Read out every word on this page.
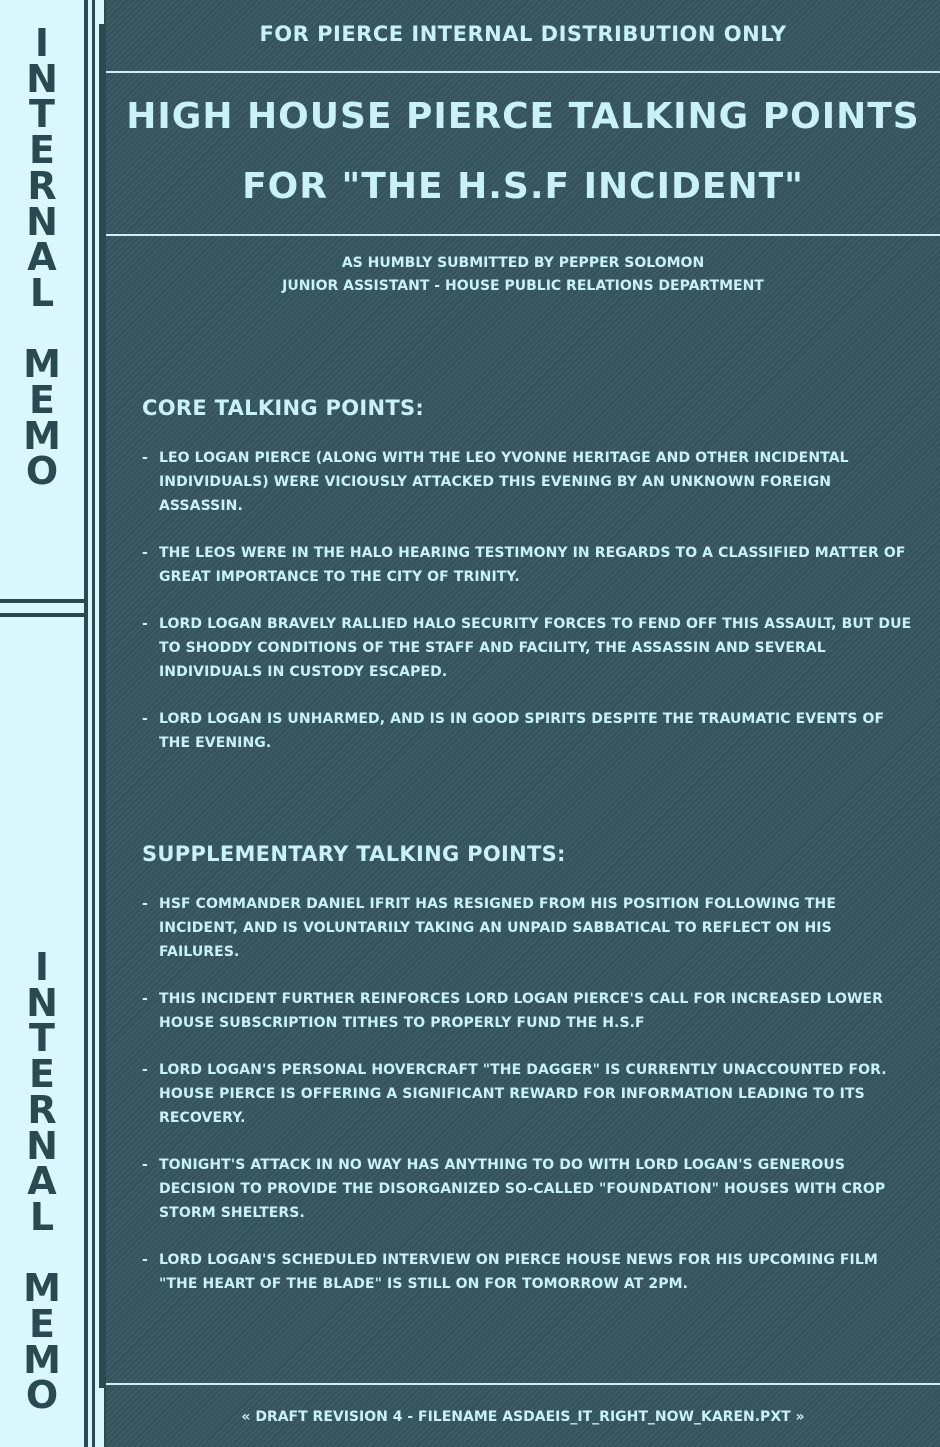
I
N
T
E
R
N
A
L

M
E
M
O
I
N
T
E
R
N
A
L

M
E
M
O

FOR PIERCE INTERNAL DISTRIBUTION ONLY

HIGH HOUSE PIERCE TALKING POINTS
FOR "THE H.S.F INCIDENT"

AS HUMBLY SUBMITTED BY PEPPER SOLOMON

JUNIOR ASSISTANT - HOUSE PUBLIC RELATIONS DEPARTMENT

CORE TALKING POINTS:
- LEO LOGAN PIERCE (ALONG WITH THE LEO YVONNE HERITAGE AND OTHER INCIDENTAL INDIVIDUALS) WERE VICIOUSLY ATTACKED THIS EVENING BY AN UNKNOWN FOREIGN ASSASSIN.
- THE LEOS WERE IN THE HALO HEARING TESTIMONY IN REGARDS TO A CLASSIFIED MATTER OF GREAT IMPORTANCE TO THE CITY OF TRINITY.
- LORD LOGAN BRAVELY RALLIED HALO SECURITY FORCES TO FEND OFF THIS ASSAULT, BUT DUE TO SHODDY CONDITIONS OF THE STAFF AND FACILITY, THE ASSASSIN AND SEVERAL INDIVIDUALS IN CUSTODY ESCAPED.
- LORD LOGAN IS UNHARMED, AND IS IN GOOD SPIRITS DESPITE THE TRAUMATIC EVENTS OF THE EVENING.
SUPPLEMENTARY TALKING POINTS:
- HSF COMMANDER DANIEL IFRIT HAS RESIGNED FROM HIS POSITION FOLLOWING THE INCIDENT, AND IS VOLUNTARILY TAKING AN UNPAID SABBATICAL TO REFLECT ON HIS FAILURES.
- THIS INCIDENT FURTHER REINFORCES LORD LOGAN PIERCE'S CALL FOR INCREASED LOWER HOUSE SUBSCRIPTION TITHES TO PROPERLY FUND THE H.S.F
- LORD LOGAN'S PERSONAL HOVERCRAFT "THE DAGGER" IS CURRENTLY UNACCOUNTED FOR. HOUSE PIERCE IS OFFERING A SIGNIFICANT REWARD FOR INFORMATION LEADING TO ITS RECOVERY.
- TONIGHT'S ATTACK IN NO WAY HAS ANYTHING TO DO WITH LORD LOGAN'S GENEROUS DECISION TO PROVIDE THE DISORGANIZED SO-CALLED "FOUNDATION" HOUSES WITH CROP STORM SHELTERS.
- LORD LOGAN'S SCHEDULED INTERVIEW ON PIERCE HOUSE NEWS FOR HIS UPCOMING FILM "THE HEART OF THE BLADE" IS STILL ON FOR TOMORROW AT 2PM.

« DRAFT REVISION 4 - FILENAME ASDAEIS_IT_RIGHT_NOW_KAREN.PXT »
